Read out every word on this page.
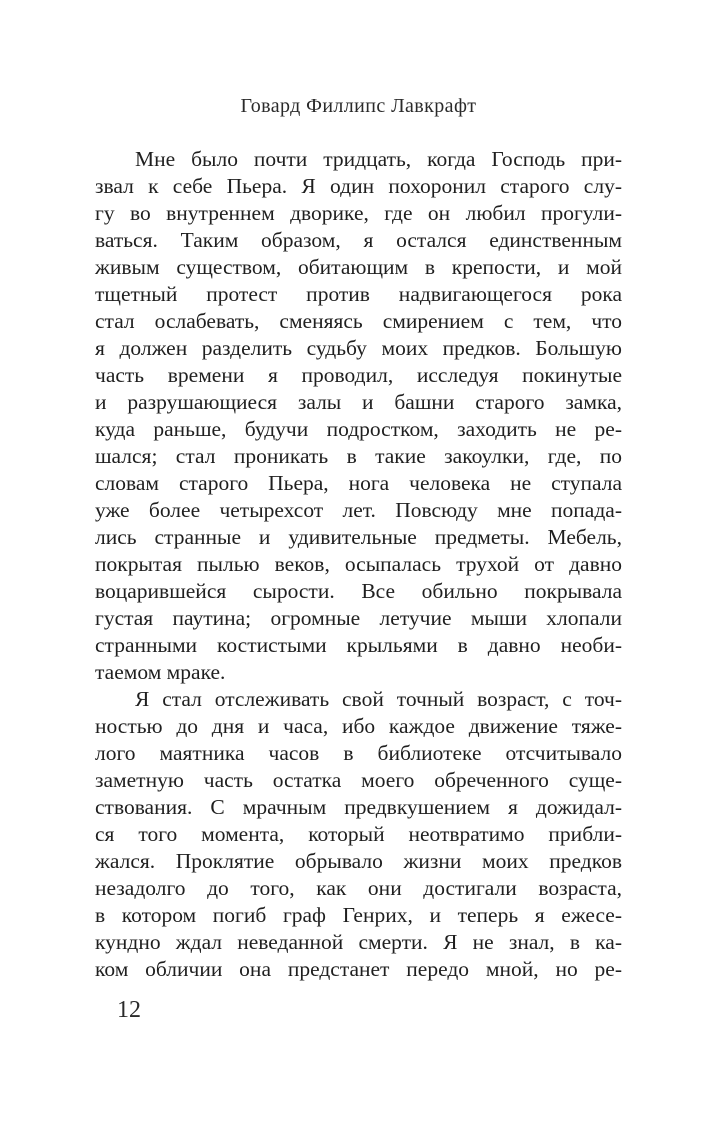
Говард Филлипс Лавкрафт
Мне было почти тридцать, когда Господь при-
звал к себе Пьера. Я один похоронил старого слу-
гу во внутреннем дворике, где он любил прогули-
ваться. Таким образом, я остался единственным
живым существом, обитающим в крепости, и мой
тщетный протест против надвигающегося рока
стал ослабевать, сменяясь смирением с тем, что
я должен разделить судьбу моих предков. Большую
часть времени я проводил, исследуя покинутые
и разрушающиеся залы и башни старого замка,
куда раньше, будучи подростком, заходить не ре-
шался; стал проникать в такие закоулки, где, по
словам старого Пьера, нога человека не ступала
уже более четырехсот лет. Повсюду мне попада-
лись странные и удивительные предметы. Мебель,
покрытая пылью веков, осыпалась трухой от давно
воцарившейся сырости. Все обильно покрывала
густая паутина; огромные летучие мыши хлопали
странными костистыми крыльями в давно необи-
таемом мраке.
Я стал отслеживать свой точный возраст, с точ-
ностью до дня и часа, ибо каждое движение тяже-
лого маятника часов в библиотеке отсчитывало
заметную часть остатка моего обреченного суще-
ствования. С мрачным предвкушением я дожидал-
ся того момента, который неотвратимо прибли-
жался. Проклятие обрывало жизни моих предков
незадолго до того, как они достигали возраста,
в котором погиб граф Генрих, и теперь я ежесе-
кундно ждал неведанной смерти. Я не знал, в ка-
ком обличии она предстанет передо мной, но ре-
12
